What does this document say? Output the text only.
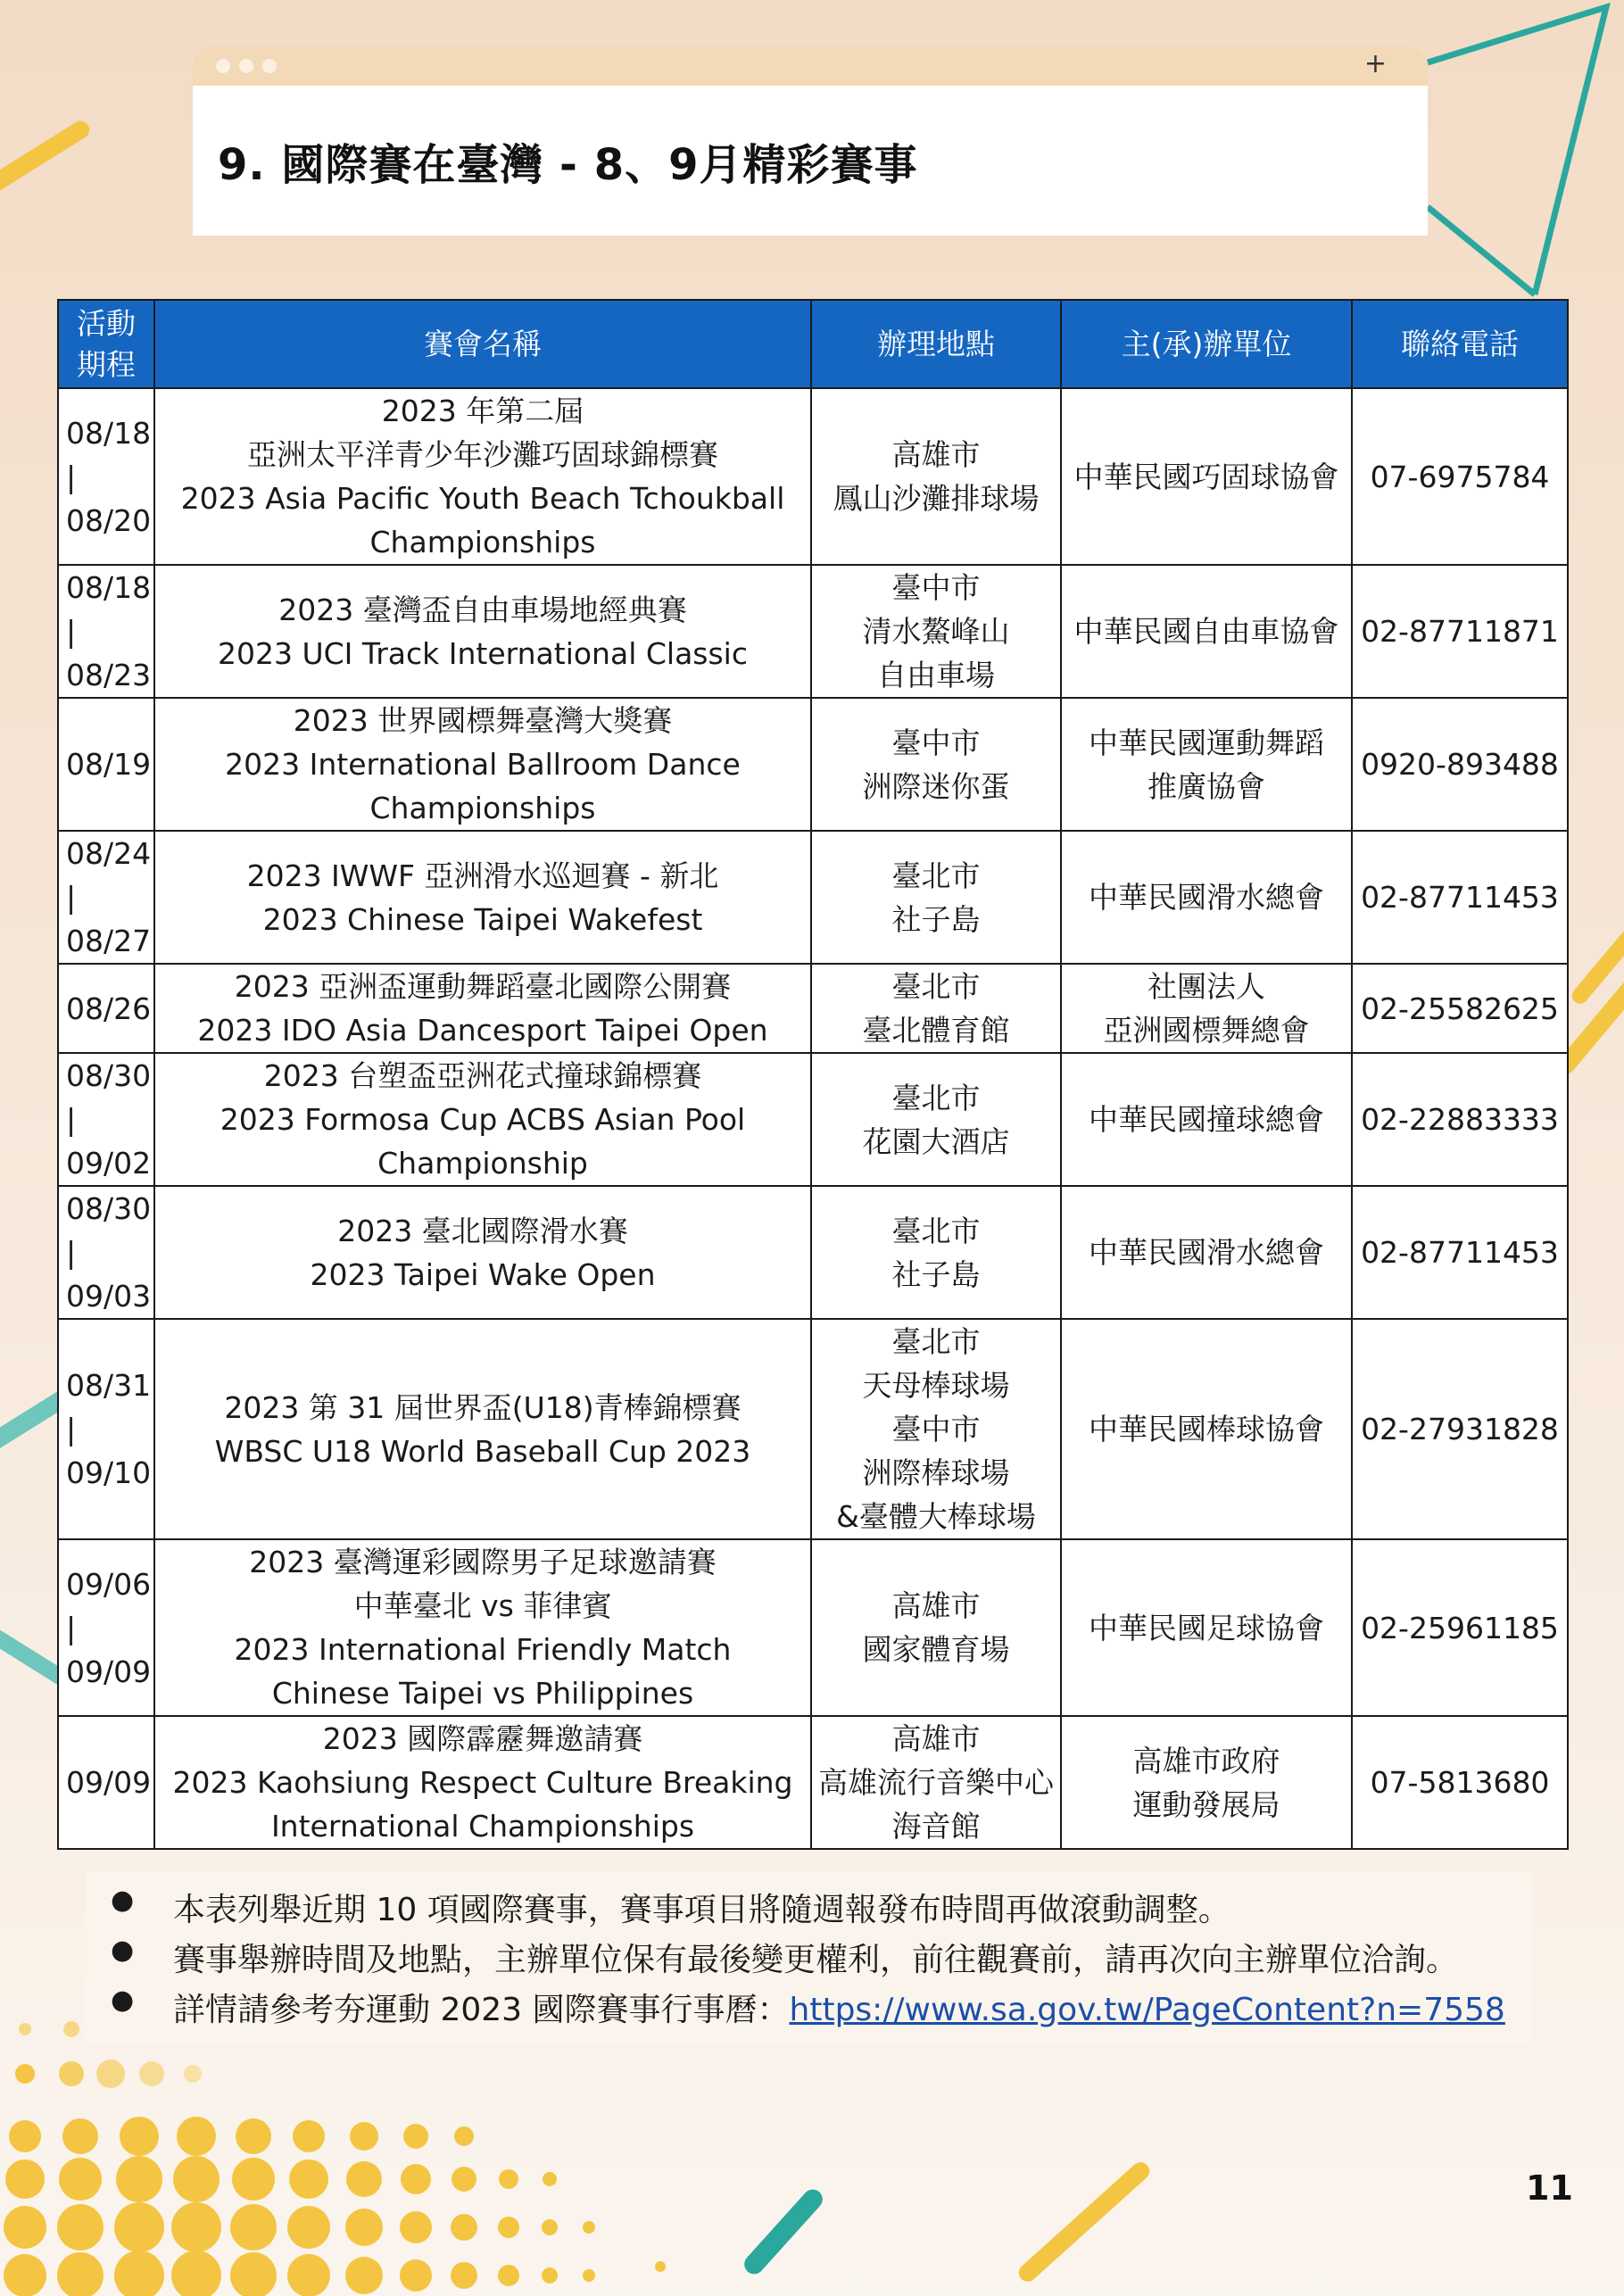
+
9. 國際賽在臺灣 - 8、9月精彩賽事
活動
期程	賽會名稱	辦理地點	主(承)辦單位	聯絡電話

08/18
|
08/20	2023 年第二屆
亞洲太平洋青少年沙灘巧固球錦標賽
2023 Asia Pacific Youth Beach Tchoukball
Championships	高雄市
鳳山沙灘排球場	中華民國巧固球協會	07-6975784

08/18
|
08/23	2023 臺灣盃自由車場地經典賽
2023 UCI Track International Classic	臺中市
清水鰲峰山
自由車場	中華民國自由車協會	02-87711871

08/19	2023 世界國標舞臺灣大獎賽
2023 International Ballroom Dance
Championships	臺中市
洲際迷你蛋	中華民國運動舞蹈
推廣協會	0920-893488

08/24
|
08/27	2023 IWWF 亞洲滑水巡迴賽 - 新北
2023 Chinese Taipei Wakefest	臺北市
社子島	中華民國滑水總會	02-87711453

08/26	2023 亞洲盃運動舞蹈臺北國際公開賽
2023 IDO Asia Dancesport Taipei Open	臺北市
臺北體育館	社團法人
亞洲國標舞總會	02-25582625

08/30
|
09/02	2023 台塑盃亞洲花式撞球錦標賽
2023 Formosa Cup ACBS Asian Pool
Championship	臺北市
花園大酒店	中華民國撞球總會	02-22883333

08/30
|
09/03	2023 臺北國際滑水賽
2023 Taipei Wake Open	臺北市
社子島	中華民國滑水總會	02-87711453

08/31
|
09/10	2023 第 31 屆世界盃(U18)青棒錦標賽
WBSC U18 World Baseball Cup 2023	臺北市
天母棒球場
臺中市
洲際棒球場
&臺體大棒球場	中華民國棒球協會	02-27931828

09/06
|
09/09	2023 臺灣運彩國際男子足球邀請賽
中華臺北 vs 菲律賓
2023 International Friendly Match
Chinese Taipei vs Philippines	高雄市
國家體育場	中華民國足球協會	02-25961185

09/09	2023 國際霹靂舞邀請賽
2023 Kaohsiung Respect Culture Breaking
International Championships	高雄市
高雄流行音樂中心
海音館	高雄市政府
運動發展局	07-5813680
● 本表列舉近期 10 項國際賽事，賽事項目將隨週報發布時間再做滾動調整。
● 賽事舉辦時間及地點，主辦單位保有最後變更權利，前往觀賽前，請再次向主辦單位洽詢。
● 詳情請參考夯運動 2023 國際賽事行事曆：https://www.sa.gov.tw/PageContent?n=7558
11
